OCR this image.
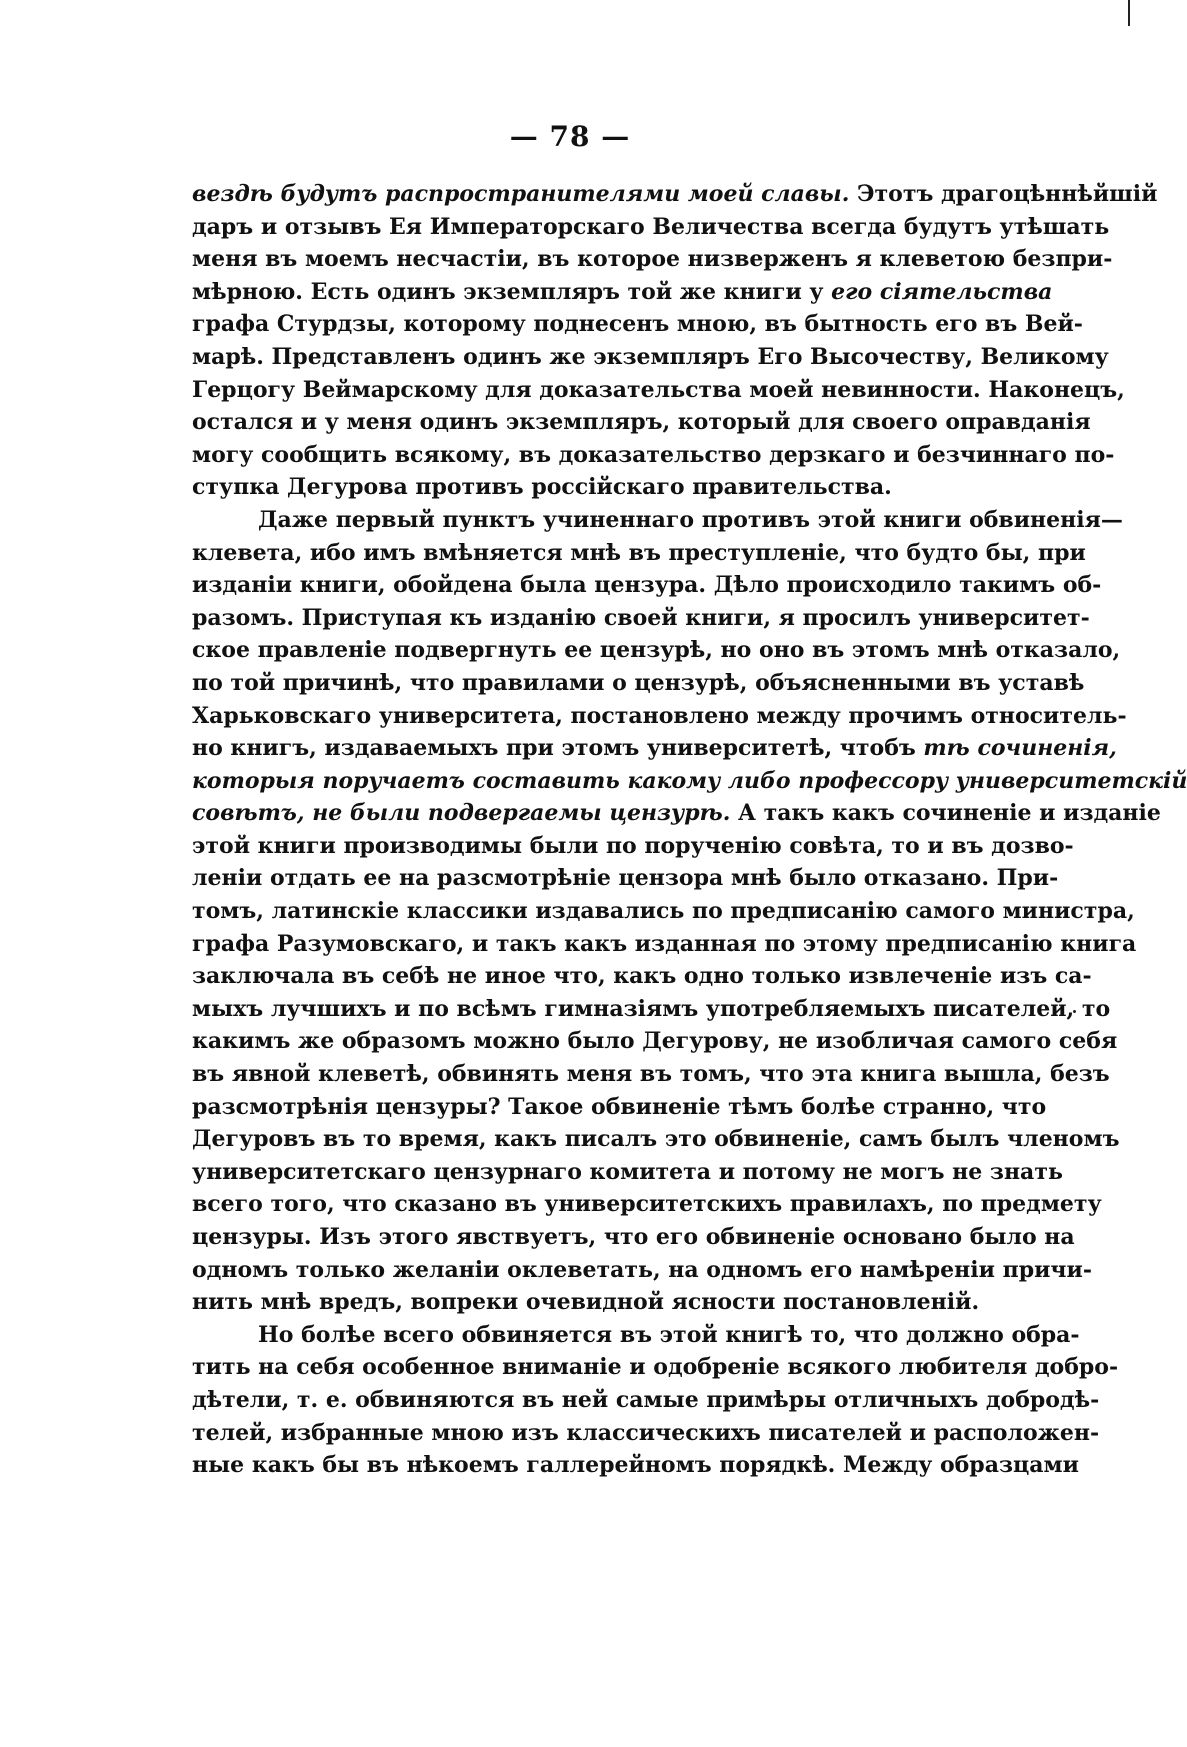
— 78 —
вездѣ будутъ распространителями моей славы. Этотъ драгоцѣннѣйшій
даръ и отзывъ Ея Императорскаго Величества всегда будутъ утѣшать
меня въ моемъ несчастіи, въ которое низверженъ я клеветою безпри-
мѣрною. Есть одинъ экземпляръ той же книги у его сіятельства
графа Стурдзы, которому поднесенъ мною, въ бытность его въ Вей-
марѣ. Представленъ одинъ же экземпляръ Его Высочеству, Великому
Герцогу Веймарскому для доказательства моей невинности. Наконецъ,
остался и у меня одинъ экземпляръ, который для своего оправданія
могу сообщить всякому, въ доказательство дерзкаго и безчиннаго по-
ступка Дегурова противъ россійскаго правительства.
Даже первый пунктъ учиненнаго противъ этой книги обвиненія—
клевета, ибо имъ вмѣняется мнѣ въ преступленіе, что будто бы, при
изданіи книги, обойдена была цензура. Дѣло происходило такимъ об-
разомъ. Приступая къ изданію своей книги, я просилъ университет-
ское правленіе подвергнуть ее цензурѣ, но оно въ этомъ мнѣ отказало,
по той причинѣ, что правилами о цензурѣ, объясненными въ уставѣ
Харьковскаго университета, постановлено между прочимъ относитель-
но книгъ, издаваемыхъ при этомъ университетѣ, чтобъ тѣ сочиненія,
которыя поручаетъ составить какому либо профессору университетскій
совѣтъ, не были подвергаемы цензурѣ. А такъ какъ сочиненіе и изданіе
этой книги производимы были по порученію совѣта, то и въ дозво-
леніи отдать ее на разсмотрѣніе цензора мнѣ было отказано. При-
томъ, латинскіе классики издавались по предписанію самого министра,
графа Разумовскаго, и такъ какъ изданная по этому предписанію книга
заключала въ себѣ не иное что, какъ одно только извлеченіе изъ са-
мыхъ лучшихъ и по всѣмъ гимназіямъ употребляемыхъ писателей, то
какимъ же образомъ можно было Дегурову, не изобличая самого себя
въ явной клеветѣ, обвинять меня въ томъ, что эта книга вышла, безъ
разсмотрѣнія цензуры? Такое обвиненіе тѣмъ болѣе странно, что
Дегуровъ въ то время, какъ писалъ это обвиненіе, самъ былъ членомъ
университетскаго цензурнаго комитета и потому не могъ не знать
всего того, что сказано въ университетскихъ правилахъ, по предмету
цензуры. Изъ этого явствуетъ, что его обвиненіе основано было на
одномъ только желаніи оклеветать, на одномъ его намѣреніи причи-
нить мнѣ вредъ, вопреки очевидной ясности постановленій.
Но болѣе всего обвиняется въ этой книгѣ то, что должно обра-
тить на себя особенное вниманіе и одобреніе всякого любителя добро-
дѣтели, т. е. обвиняются въ ней самые примѣры отличныхъ добродѣ-
телей, избранные мною изъ классическихъ писателей и расположен-
ные какъ бы въ нѣкоемъ галлерейномъ порядкѣ. Между образцами
